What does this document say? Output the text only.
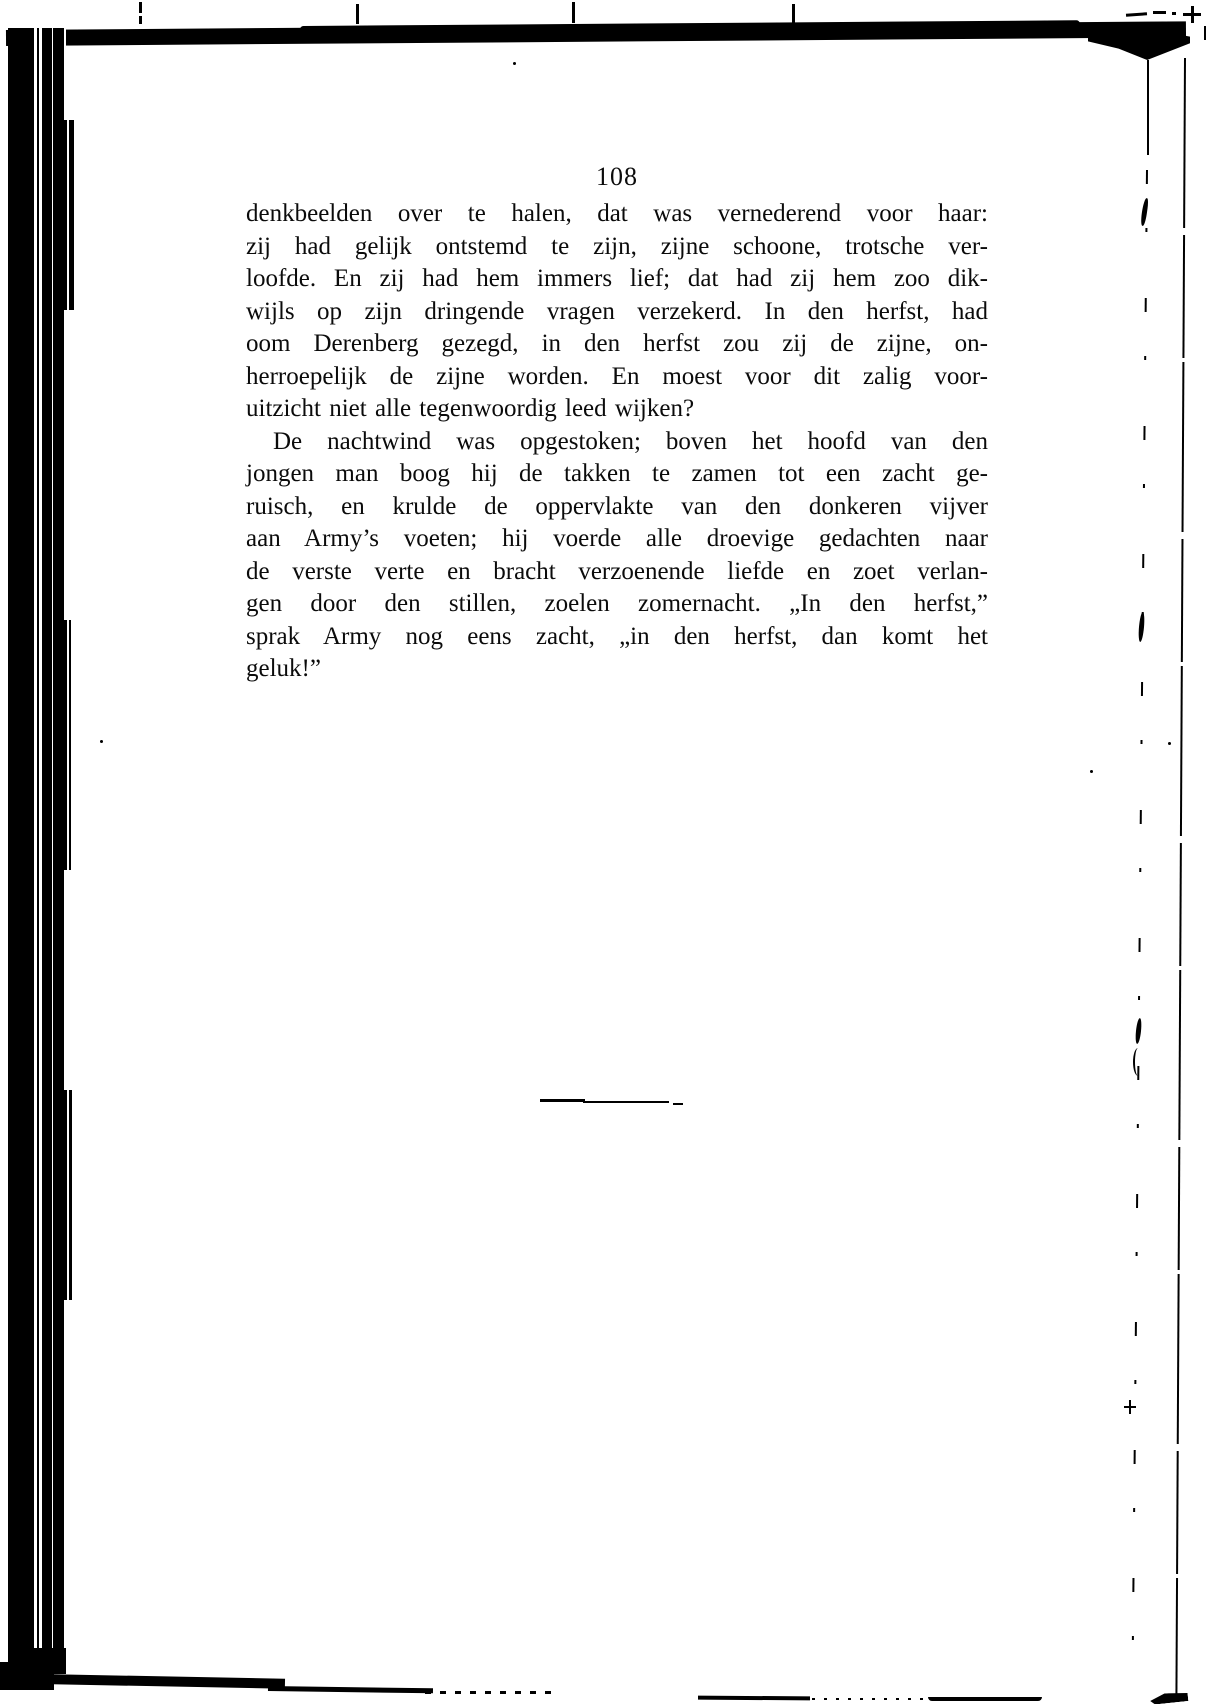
108
denkbeelden over te halen, dat was vernederend voor haar:
zij had gelijk ontstemd te zijn, zijne schoone, trotsche ver-
loofde. En zij had hem immers lief; dat had zij hem zoo dik-
wijls op zijn dringende vragen verzekerd. In den herfst, had
oom Derenberg gezegd, in den herfst zou zij de zijne, on-
herroepelijk de zijne worden. En moest voor dit zalig voor-
uitzicht niet alle tegenwoordig leed wijken?
De nachtwind was opgestoken; boven het hoofd van den
jongen man boog hij de takken te zamen tot een zacht ge-
ruisch, en krulde de oppervlakte van den donkeren vijver
aan Army’s voeten; hij voerde alle droevige gedachten naar
de verste verte en bracht verzoenende liefde en zoet verlan-
gen door den stillen, zoelen zomernacht. „In den herfst,”
sprak Army nog eens zacht, „in den herfst, dan komt het
geluk!”
